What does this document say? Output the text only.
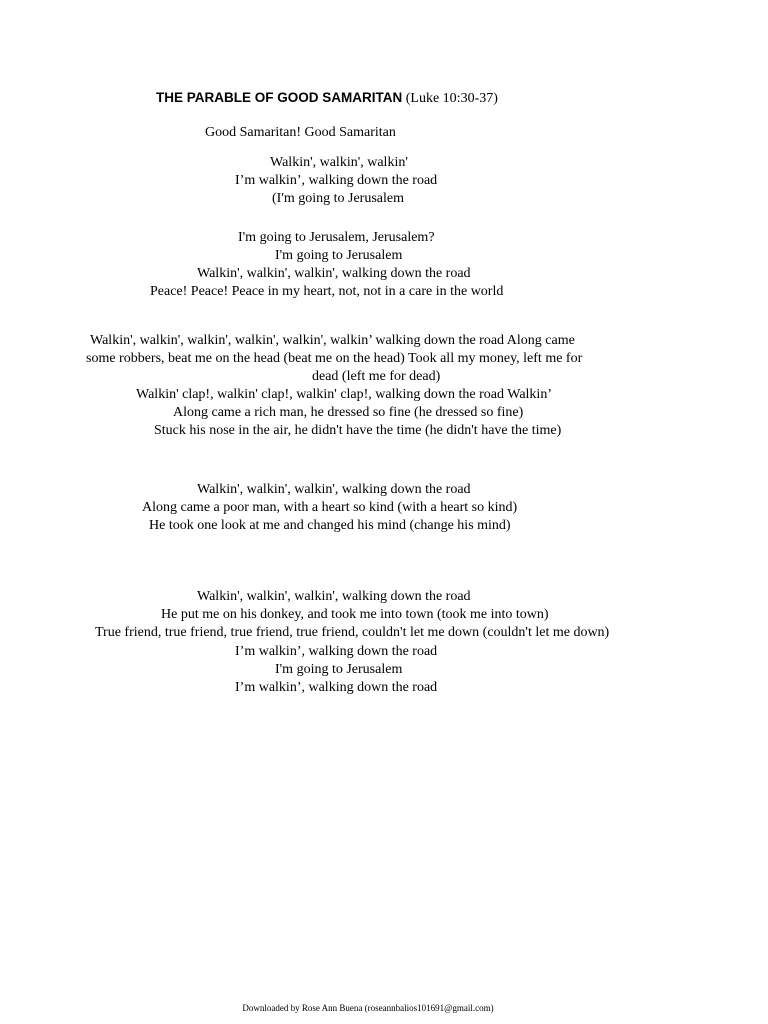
THE PARABLE OF GOOD SAMARITAN (Luke 10:30-37)
Good Samaritan! Good Samaritan
Walkin', walkin', walkin'
I’m walkin’, walking down the road
(I'm going to Jerusalem
I'm going to Jerusalem, Jerusalem?
I'm going to Jerusalem
Walkin', walkin', walkin', walking down the road
Peace! Peace! Peace in my heart, not, not in a care in the world
Walkin', walkin', walkin', walkin', walkin', walkin’ walking down the road Along came
some robbers, beat me on the head (beat me on the head) Took all my money, left me for
dead (left me for dead)
Walkin' clap!, walkin' clap!, walkin' clap!, walking down the road Walkin’
Along came a rich man, he dressed so fine (he dressed so fine)
Stuck his nose in the air, he didn't have the time (he didn't have the time)
Walkin', walkin', walkin', walking down the road
Along came a poor man, with a heart so kind (with a heart so kind)
He took one look at me and changed his mind (change his mind)
Walkin', walkin', walkin', walking down the road
He put me on his donkey, and took me into town (took me into town)
True friend, true friend, true friend, true friend, couldn't let me down (couldn't let me down)
I’m walkin’, walking down the road
I'm going to Jerusalem
I’m walkin’, walking down the road
Downloaded by Rose Ann Buena (roseannbalios101691@gmail.com)
